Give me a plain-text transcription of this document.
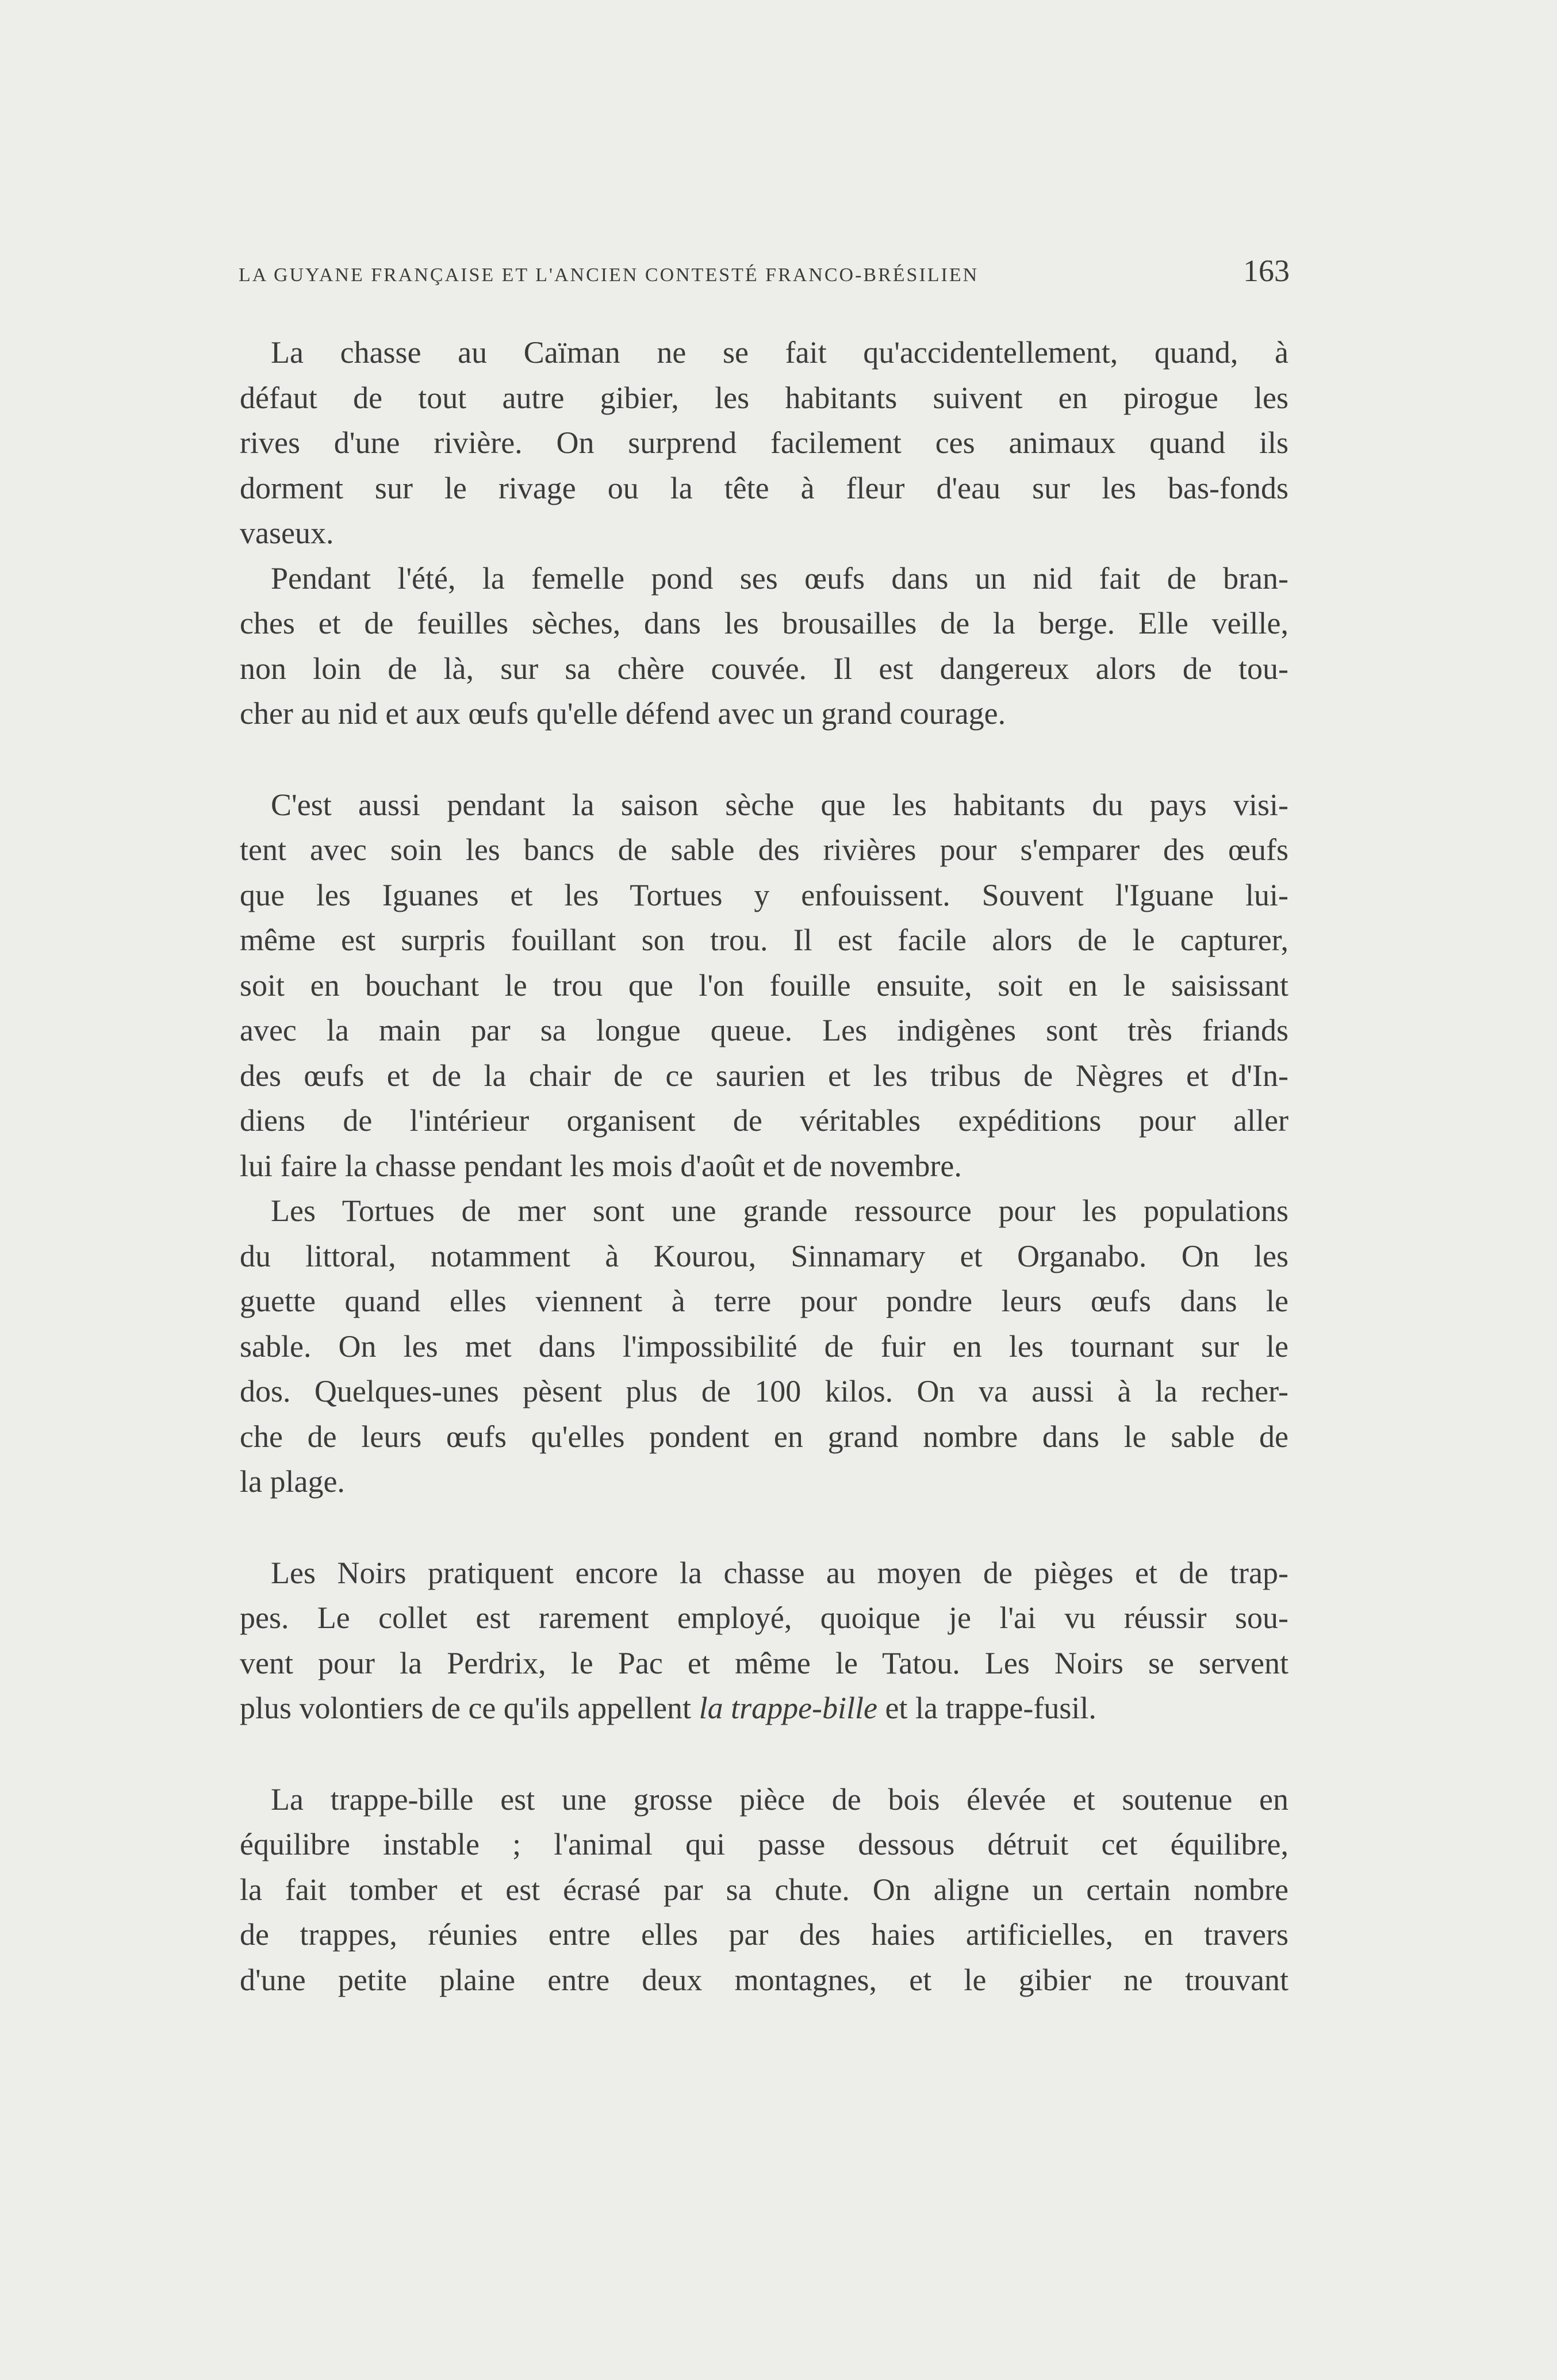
LA GUYANE FRANÇAISE ET L'ANCIEN CONTESTÉ FRANCO-BRÉSILIEN	163
La chasse au Caïman ne se fait qu'accidentellement, quand, à
défaut de tout autre gibier, les habitants suivent en pirogue les
rives d'une rivière. On surprend facilement ces animaux quand ils
dorment sur le rivage ou la tête à fleur d'eau sur les bas-fonds
vaseux.
Pendant l'été, la femelle pond ses œufs dans un nid fait de bran-
ches et de feuilles sèches, dans les brousailles de la berge. Elle veille,
non loin de là, sur sa chère couvée. Il est dangereux alors de tou-
cher au nid et aux œufs qu'elle défend avec un grand courage.
C'est aussi pendant la saison sèche que les habitants du pays visi-
tent avec soin les bancs de sable des rivières pour s'emparer des œufs
que les Iguanes et les Tortues y enfouissent. Souvent l'Iguane lui-
même est surpris fouillant son trou. Il est facile alors de le capturer,
soit en bouchant le trou que l'on fouille ensuite, soit en le saisissant
avec la main par sa longue queue. Les indigènes sont très friands
des œufs et de la chair de ce saurien et les tribus de Nègres et d'In-
diens de l'intérieur organisent de véritables expéditions pour aller
lui faire la chasse pendant les mois d'août et de novembre.
Les Tortues de mer sont une grande ressource pour les populations
du littoral, notamment à Kourou, Sinnamary et Organabo. On les
guette quand elles viennent à terre pour pondre leurs œufs dans le
sable. On les met dans l'impossibilité de fuir en les tournant sur le
dos. Quelques-unes pèsent plus de 100 kilos. On va aussi à la recher-
che de leurs œufs qu'elles pondent en grand nombre dans le sable de
la plage.
Les Noirs pratiquent encore la chasse au moyen de pièges et de trap-
pes. Le collet est rarement employé, quoique je l'ai vu réussir sou-
vent pour la Perdrix, le Pac et même le Tatou. Les Noirs se servent
plus volontiers de ce qu'ils appellent la trappe-bille et la trappe-fusil.
La trappe-bille est une grosse pièce de bois élevée et soutenue en
équilibre instable ; l'animal qui passe dessous détruit cet équilibre,
la fait tomber et est écrasé par sa chute. On aligne un certain nombre
de trappes, réunies entre elles par des haies artificielles, en travers
d'une petite plaine entre deux montagnes, et le gibier ne trouvant
